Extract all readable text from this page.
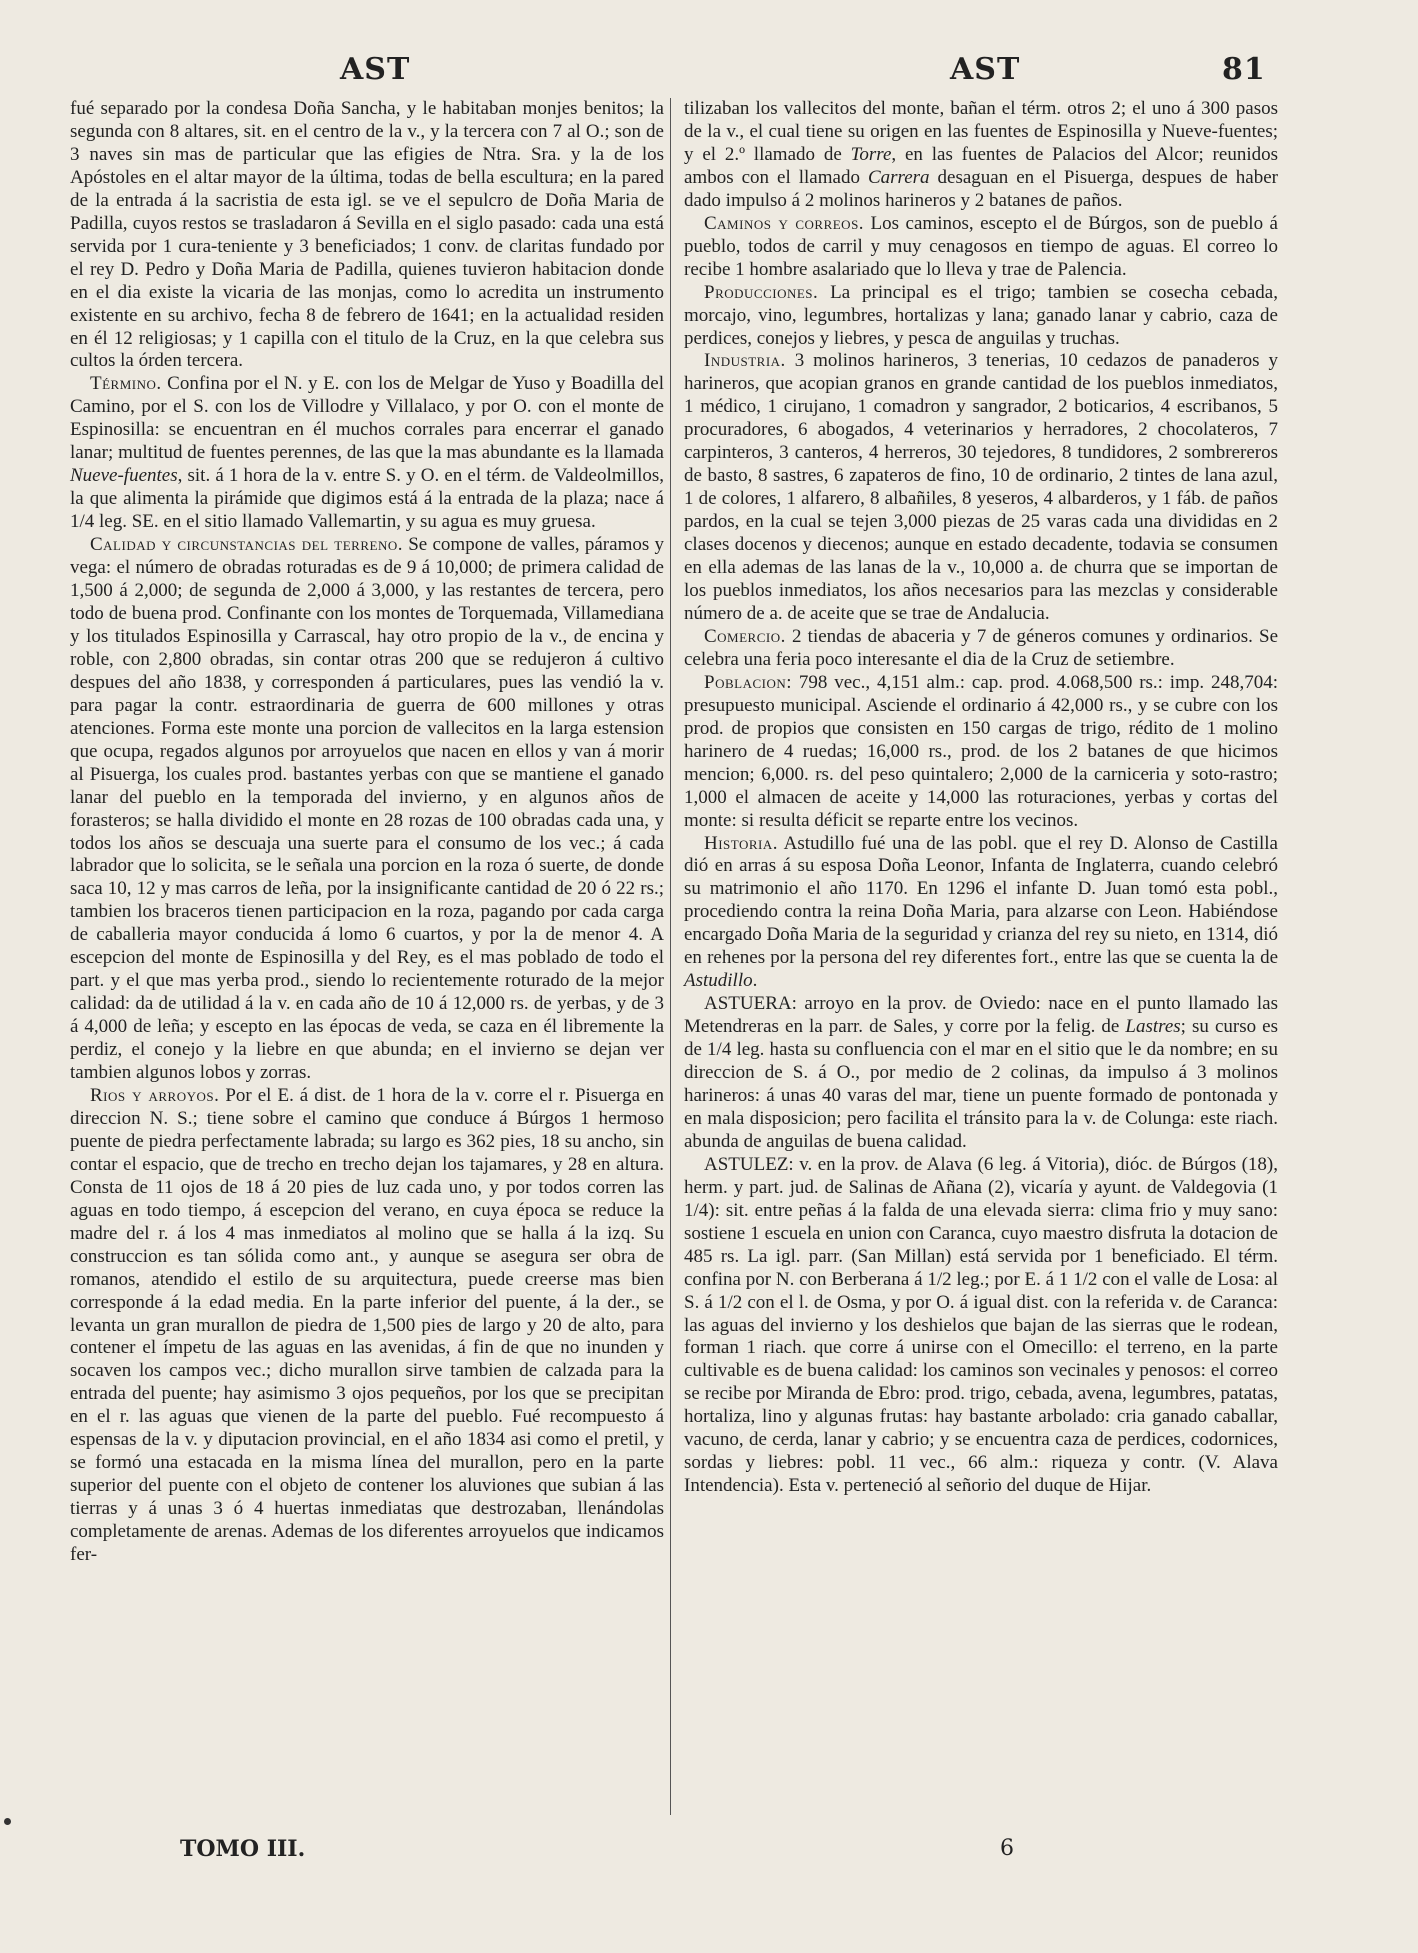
AST	AST	81

fué separado por la condesa Doña Sancha, y le habitaban monjes benitos; la segunda con 8 altares, sit. en el centro de la v., y la tercera con 7 al O.; son de 3 naves sin mas de particular que las efigies de Ntra. Sra. y la de los Apóstoles en el altar mayor de la última, todas de bella escultura; en la pared de la entrada á la sacristia de esta igl. se ve el sepulcro de Doña Maria de Padilla, cuyos restos se trasladaron á Sevilla en el siglo pasado: cada una está servida por 1 cura-teniente y 3 beneficiados; 1 conv. de claritas fundado por el rey D. Pedro y Doña Maria de Padilla, quienes tuvieron habitacion donde en el dia existe la vicaria de las monjas, como lo acredita un instrumento existente en su archivo, fecha 8 de febrero de 1641; en la actualidad residen en él 12 religiosas; y 1 capilla con el titulo de la Cruz, en la que celebra sus cultos la órden tercera.

Término. Confina por el N. y E. con los de Melgar de Yuso y Boadilla del Camino, por el S. con los de Villodre y Villalaco, y por O. con el monte de Espinosilla: se encuentran en él muchos corrales para encerrar el ganado lanar; multitud de fuentes perennes, de las que la mas abundante es la llamada Nueve-fuentes, sit. á 1 hora de la v. entre S. y O. en el térm. de Valdeolmillos, la que alimenta la pirámide que digimos está á la entrada de la plaza; nace á 1/4 leg. SE. en el sitio llamado Vallemartin, y su agua es muy gruesa.

Calidad y circunstancias del terreno. Se compone de valles, páramos y vega: el número de obradas roturadas es de 9 á 10,000; de primera calidad de 1,500 á 2,000; de segunda de 2,000 á 3,000, y las restantes de tercera, pero todo de buena prod. Confinante con los montes de Torquemada, Villamediana y los titulados Espinosilla y Carrascal, hay otro propio de la v., de encina y roble, con 2,800 obradas, sin contar otras 200 que se redujeron á cultivo despues del año 1838, y corresponden á particulares, pues las vendió la v. para pagar la contr. estraordinaria de guerra de 600 millones y otras atenciones. Forma este monte una porcion de vallecitos en la larga estension que ocupa, regados algunos por arroyuelos que nacen en ellos y van á morir al Pisuerga, los cuales prod. bastantes yerbas con que se mantiene el ganado lanar del pueblo en la temporada del invierno, y en algunos años de forasteros; se halla dividido el monte en 28 rozas de 100 obradas cada una, y todos los años se descuaja una suerte para el consumo de los vec.; á cada labrador que lo solicita, se le señala una porcion en la roza ó suerte, de donde saca 10, 12 y mas carros de leña, por la insignificante cantidad de 20 ó 22 rs.; tambien los braceros tienen participacion en la roza, pagando por cada carga de caballeria mayor conducida á lomo 6 cuartos, y por la de menor 4. A escepcion del monte de Espinosilla y del Rey, es el mas poblado de todo el part. y el que mas yerba prod., siendo lo recientemente roturado de la mejor calidad: da de utilidad á la v. en cada año de 10 á 12,000 rs. de yerbas, y de 3 á 4,000 de leña; y escepto en las épocas de veda, se caza en él libremente la perdiz, el conejo y la liebre en que abunda; en el invierno se dejan ver tambien algunos lobos y zorras.

Rios y arroyos. Por el E. á dist. de 1 hora de la v. corre el r. Pisuerga en direccion N. S.; tiene sobre el camino que conduce á Búrgos 1 hermoso puente de piedra perfectamente labrada; su largo es 362 pies, 18 su ancho, sin contar el espacio, que de trecho en trecho dejan los tajamares, y 28 en altura. Consta de 11 ojos de 18 á 20 pies de luz cada uno, y por todos corren las aguas en todo tiempo, á escepcion del verano, en cuya época se reduce la madre del r. á los 4 mas inmediatos al molino que se halla á la izq. Su construccion es tan sólida como ant., y aunque se asegura ser obra de romanos, atendido el estilo de su arquitectura, puede creerse mas bien corresponde á la edad media. En la parte inferior del puente, á la der., se levanta un gran murallon de piedra de 1,500 pies de largo y 20 de alto, para contener el ímpetu de las aguas en las avenidas, á fin de que no inunden y socaven los campos vec.; dicho murallon sirve tambien de calzada para la entrada del puente; hay asimismo 3 ojos pequeños, por los que se precipitan en el r. las aguas que vienen de la parte del pueblo. Fué recompuesto á espensas de la v. y diputacion provincial, en el año 1834 asi como el pretil, y se formó una estacada en la misma línea del murallon, pero en la parte superior del puente con el objeto de contener los aluviones que subian á las tierras y á unas 3 ó 4 huertas inmediatas que destrozaban, llenándolas completamente de arenas. Ademas de los diferentes arroyuelos que indicamos fer-

tilizaban los vallecitos del monte, bañan el térm. otros 2; el uno á 300 pasos de la v., el cual tiene su origen en las fuentes de Espinosilla y Nueve-fuentes; y el 2.º llamado de Torre, en las fuentes de Palacios del Alcor; reunidos ambos con el llamado Carrera desaguan en el Pisuerga, despues de haber dado impulso á 2 molinos harineros y 2 batanes de paños.

Caminos y correos. Los caminos, escepto el de Búrgos, son de pueblo á pueblo, todos de carril y muy cenagosos en tiempo de aguas. El correo lo recibe 1 hombre asalariado que lo lleva y trae de Palencia.

Producciones. La principal es el trigo; tambien se cosecha cebada, morcajo, vino, legumbres, hortalizas y lana; ganado lanar y cabrio, caza de perdices, conejos y liebres, y pesca de anguilas y truchas.

Industria. 3 molinos harineros, 3 tenerias, 10 cedazos de panaderos y harineros, que acopian granos en grande cantidad de los pueblos inmediatos, 1 médico, 1 cirujano, 1 comadron y sangrador, 2 boticarios, 4 escribanos, 5 procuradores, 6 abogados, 4 veterinarios y herradores, 2 chocolateros, 7 carpinteros, 3 canteros, 4 herreros, 30 tejedores, 8 tundidores, 2 sombrereros de basto, 8 sastres, 6 zapateros de fino, 10 de ordinario, 2 tintes de lana azul, 1 de colores, 1 alfarero, 8 albañiles, 8 yeseros, 4 albarderos, y 1 fáb. de paños pardos, en la cual se tejen 3,000 piezas de 25 varas cada una divididas en 2 clases docenos y diecenos; aunque en estado decadente, todavia se consumen en ella ademas de las lanas de la v., 10,000 a. de churra que se importan de los pueblos inmediatos, los años necesarios para las mezclas y considerable número de a. de aceite que se trae de Andalucia.

Comercio. 2 tiendas de abaceria y 7 de géneros comunes y ordinarios. Se celebra una feria poco interesante el dia de la Cruz de setiembre.

Poblacion: 798 vec., 4,151 alm.: cap. prod. 4.068,500 rs.: imp. 248,704: presupuesto municipal. Asciende el ordinario á 42,000 rs., y se cubre con los prod. de propios que consisten en 150 cargas de trigo, rédito de 1 molino harinero de 4 ruedas; 16,000 rs., prod. de los 2 batanes de que hicimos mencion; 6,000. rs. del peso quintalero; 2,000 de la carniceria y soto-rastro; 1,000 el almacen de aceite y 14,000 las roturaciones, yerbas y cortas del monte: si resulta déficit se reparte entre los vecinos.

Historia. Astudillo fué una de las pobl. que el rey D. Alonso de Castilla dió en arras á su esposa Doña Leonor, Infanta de Inglaterra, cuando celebró su matrimonio el año 1170. En 1296 el infante D. Juan tomó esta pobl., procediendo contra la reina Doña Maria, para alzarse con Leon. Habiéndose encargado Doña Maria de la seguridad y crianza del rey su nieto, en 1314, dió en rehenes por la persona del rey diferentes fort., entre las que se cuenta la de Astudillo.

ASTUERA: arroyo en la prov. de Oviedo: nace en el punto llamado las Metendreras en la parr. de Sales, y corre por la felig. de Lastres; su curso es de 1/4 leg. hasta su confluencia con el mar en el sitio que le da nombre; en su direccion de S. á O., por medio de 2 colinas, da impulso á 3 molinos harineros: á unas 40 varas del mar, tiene un puente formado de pontonada y en mala disposicion; pero facilita el tránsito para la v. de Colunga: este riach. abunda de anguilas de buena calidad.

ASTULEZ: v. en la prov. de Alava (6 leg. á Vitoria), dióc. de Búrgos (18), herm. y part. jud. de Salinas de Añana (2), vicaría y ayunt. de Valdegovia (1 1/4): sit. entre peñas á la falda de una elevada sierra: clima frio y muy sano: sostiene 1 escuela en union con Caranca, cuyo maestro disfruta la dotacion de 485 rs. La igl. parr. (San Millan) está servida por 1 beneficiado. El térm. confina por N. con Berberana á 1/2 leg.; por E. á 1 1/2 con el valle de Losa: al S. á 1/2 con el l. de Osma, y por O. á igual dist. con la referida v. de Caranca: las aguas del invierno y los deshielos que bajan de las sierras que le rodean, forman 1 riach. que corre á unirse con el Omecillo: el terreno, en la parte cultivable es de buena calidad: los caminos son vecinales y penosos: el correo se recibe por Miranda de Ebro: prod. trigo, cebada, avena, legumbres, patatas, hortaliza, lino y algunas frutas: hay bastante arbolado: cria ganado caballar, vacuno, de cerda, lanar y cabrio; y se encuentra caza de perdices, codornices, sordas y liebres: pobl. 11 vec., 66 alm.: riqueza y contr. (V. Alava Intendencia). Esta v. perteneció al señorio del duque de Hijar.

TOMO III.	6
